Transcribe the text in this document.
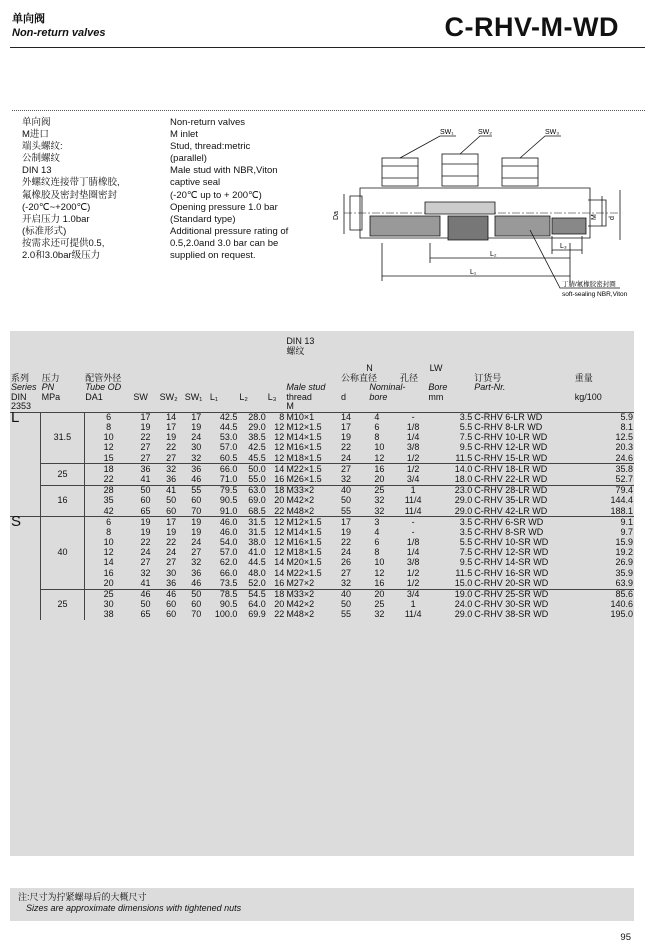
单向阀
Non-return valves	C-RHV-M-WD
单向阀
M进口
端头螺纹:
公制螺纹
DIN 13
外螺纹连接带丁腈橡胶,
氟橡胶及密封垫圈密封
(-20℃~+200℃)
开启压力 1.0bar
(标准形式)
按需求还可提供0.5,
2.0和3.0bar级压力
Non-return valves
M inlet
Stud, thread:metric
(parallel)
Male stud with NBR,Viton
captive seal
(-20℃ up to + 200℃)
Opening pressure 1.0 bar
(Standard type)
Additional pressure rating of
0.5,2.0and 3.0 bar can be
supplied on request.
SW₁	SW₂	SW₃
Da	M d
L₂
L₁
L₃
丁腈/氟橡胶密封圈
soft-sealing NBR,Viton
									DIN 13						
									螺纹						

										N		LW			
系列	压力	配管外径								公称直径		孔径		订货号	重量
Series	PN	Tube OD							Male stud		Nominal-		Bore	Part-Nr.	
DIN	MPa	DA1	SW	SW₂	SW₁	L₁	L₂	L₃	thread	d	bore		mm		kg/100
2353									M						
L	31.5	6	17	14	17	42.5	28.0	8	M10×1	14	4	-	3.5	C-RHV 6-LR WD	5.9
		8	19	17	19	44.5	29.0	12	M12×1.5	17	6	1/8	5.5	C-RHV 8-LR WD	8.1
		10	22	19	24	53.0	38.5	12	M14×1.5	19	8	1/4	7.5	C-RHV 10-LR WD	12.5
		12	27	22	30	57.0	42.5	12	M16×1.5	22	10	3/8	9.5	C-RHV 12-LR WD	20.3
		15	27	27	32	60.5	45.5	12	M18×1.5	24	12	1/2	11.5	C-RHV 15-LR WD	24.6
	25	18	36	32	36	66.0	50.0	14	M22×1.5	27	16	1/2	14.0	C-RHV 18-LR WD	35.8
		22	41	36	46	71.0	55.0	16	M26×1.5	32	20	3/4	18.0	C-RHV 22-LR WD	52.7
	16	28	50	41	55	79.5	63.0	18	M33×2	40	25	1	23.0	C-RHV 28-LR WD	79.4
		35	60	50	60	90.5	69.0	20	M42×2	50	32	11/4	29.0	C-RHV 35-LR WD	144.4
		42	65	60	70	91.0	68.5	22	M48×2	55	32	11/4	29.0	C-RHV 42-LR WD	188.1
S	40	6	19	17	19	46.0	31.5	12	M12×1.5	17	3	-	3.5	C-RHV 6-SR WD	9.1
		8	19	19	19	46.0	31.5	12	M14×1.5	19	4	-	3.5	C-RHV 8-SR WD	9.7
		10	22	22	24	54.0	38.0	12	M16×1.5	22	6	1/8	5.5	C-RHV 10-SR WD	15.9
		12	24	24	27	57.0	41.0	12	M18×1.5	24	8	1/4	7.5	C-RHV 12-SR WD	19.2
		14	27	27	32	62.0	44.5	14	M20×1.5	26	10	3/8	9.5	C-RHV 14-SR WD	26.9
		16	32	30	36	66.0	48.0	14	M22×1.5	27	12	1/2	11.5	C-RHV 16-SR WD	35.9
		20	41	36	46	73.5	52.0	16	M27×2	32	16	1/2	15.0	C-RHV 20-SR WD	63.9
	25	25	46	46	50	78.5	54.5	18	M33×2	40	20	3/4	19.0	C-RHV 25-SR WD	85.6
		30	50	60	60	90.5	64.0	20	M42×2	50	25	1	24.0	C-RHV 30-SR WD	140.6
		38	65	60	70	100.0	69.9	22	M48×2	55	32	11/4	29.0	C-RHV 38-SR WD	195.0
注:尺寸为拧紧螺母后的大概尺寸
Sizes are approximate dimensions with tightened nuts
95
